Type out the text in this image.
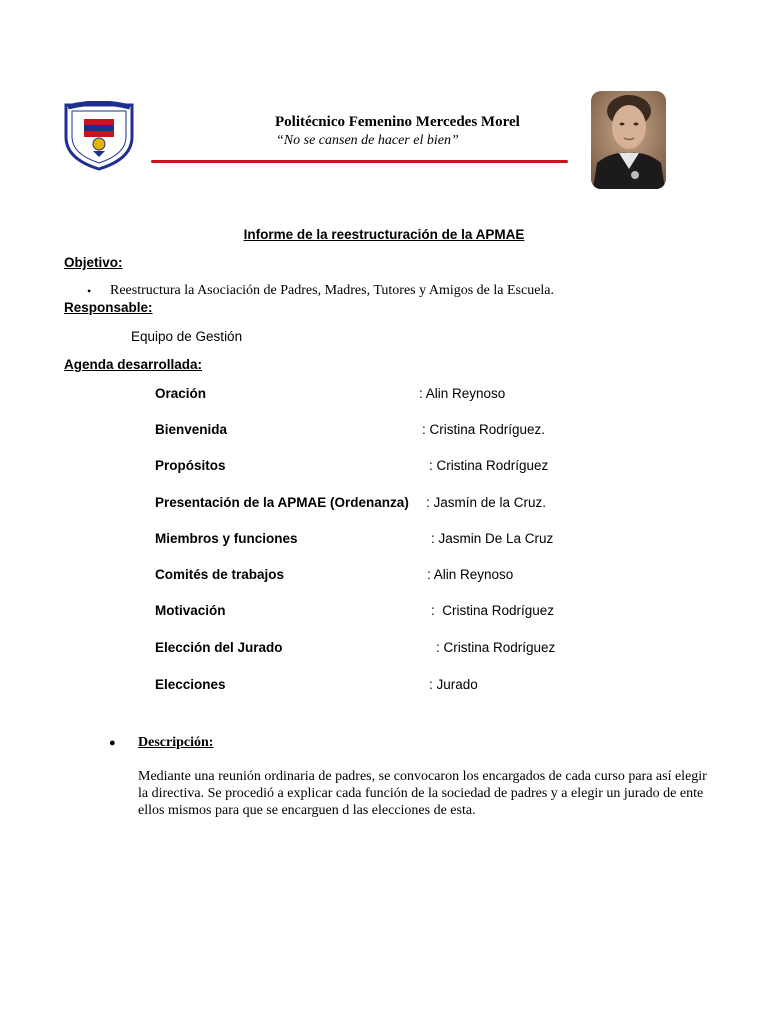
Politécnico Femenino Mercedes Morel
“No se cansen de hacer el bien”
Informe de la reestructuración de la APMAE
Objetivo:
• Reestructura la Asociación de Padres, Madres, Tutores y Amigos de la Escuela.
Responsable:
Equipo de Gestión
Agenda desarrollada:
Oración	: Alin Reynoso
Bienvenida	: Cristina Rodríguez.
Propósitos	: Cristina Rodríguez
Presentación de la APMAE (Ordenanza) : Jasmín de la Cruz.
Miembros y funciones	: Jasmin De La Cruz
Comités de trabajos	: Alin Reynoso
Motivación	:  Cristina Rodríguez
Elección del Jurado	: Cristina Rodríguez
Elecciones	: Jurado
● Descripción:
Mediante una reunión ordinaria de padres, se convocaron los encargados de cada curso para así elegir la directiva. Se procedió a explicar cada función de la sociedad de padres y a elegir un jurado de ente ellos mismos para que se encarguen d las elecciones de esta.
